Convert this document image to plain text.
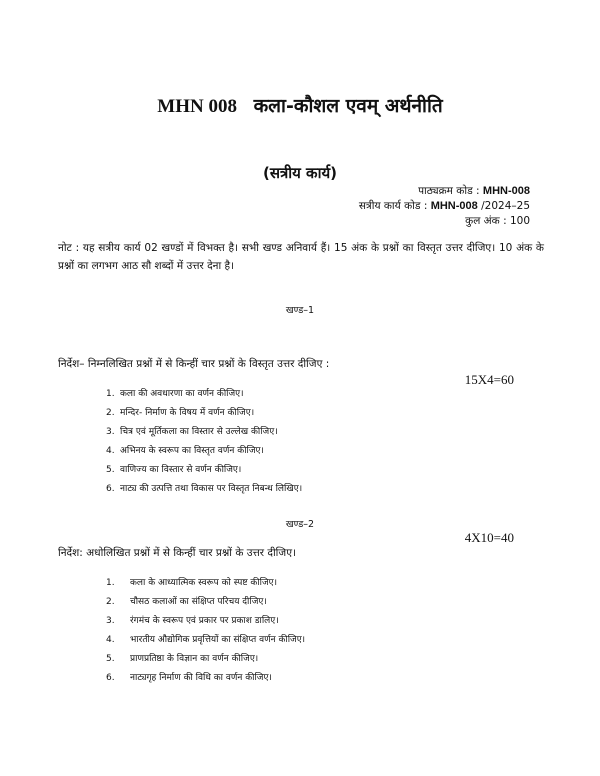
MHN 008 कला-कौशल एवम् अर्थनीति
(सत्रीय कार्य)
पाठ्यक्रम कोड : MHN-008
सत्रीय कार्य कोड : MHN-008 /2024–25
कुल अंक : 100
नोट : यह सत्रीय कार्य 02 खण्डों में विभक्त है। सभी खण्ड अनिवार्य हैं। 15 अंक के प्रश्नों का विस्तृत उत्तर दीजिए। 10 अंक के प्रश्नों का लगभग आठ सौ शब्दों में उत्तर देना है।
खण्ड–1
निर्देश– निम्नलिखित प्रश्नों में से किन्हीं चार प्रश्नों के विस्तृत उत्तर दीजिए :
15X4=60
1. कला की अवधारणा का वर्णन कीजिए।
2. मन्दिर- निर्माण के विषय में वर्णन कीजिए।
3. चित्र एवं मूर्तिकला का विस्तार से उल्लेख कीजिए।
4. अभिनय के स्वरूप का विस्तृत वर्णन कीजिए।
5. वाणिज्य का विस्तार से वर्णन कीजिए।
6. नाट्य की उत्पत्ति तथा विकास पर विस्तृत निबन्ध लिखिए।
खण्ड–2
4X10=40
निर्देश: अधोलिखित प्रश्नों में से किन्हीं चार प्रश्नों के उत्तर दीजिए।
1. कला के आध्यात्मिक स्वरूप को स्पष्ट कीजिए।
2. चौसठ कलाओं का संक्षिप्त परिचय दीजिए।
3. रंगमंच के स्वरूप एवं प्रकार पर प्रकाश डालिए।
4. भारतीय औद्योगिक प्रवृत्तियों का संक्षिप्त वर्णन कीजिए।
5. प्राणप्रतिष्ठा के विज्ञान का वर्णन कीजिए।
6. नाट्यगृह निर्माण की विधि का वर्णन कीजिए।
